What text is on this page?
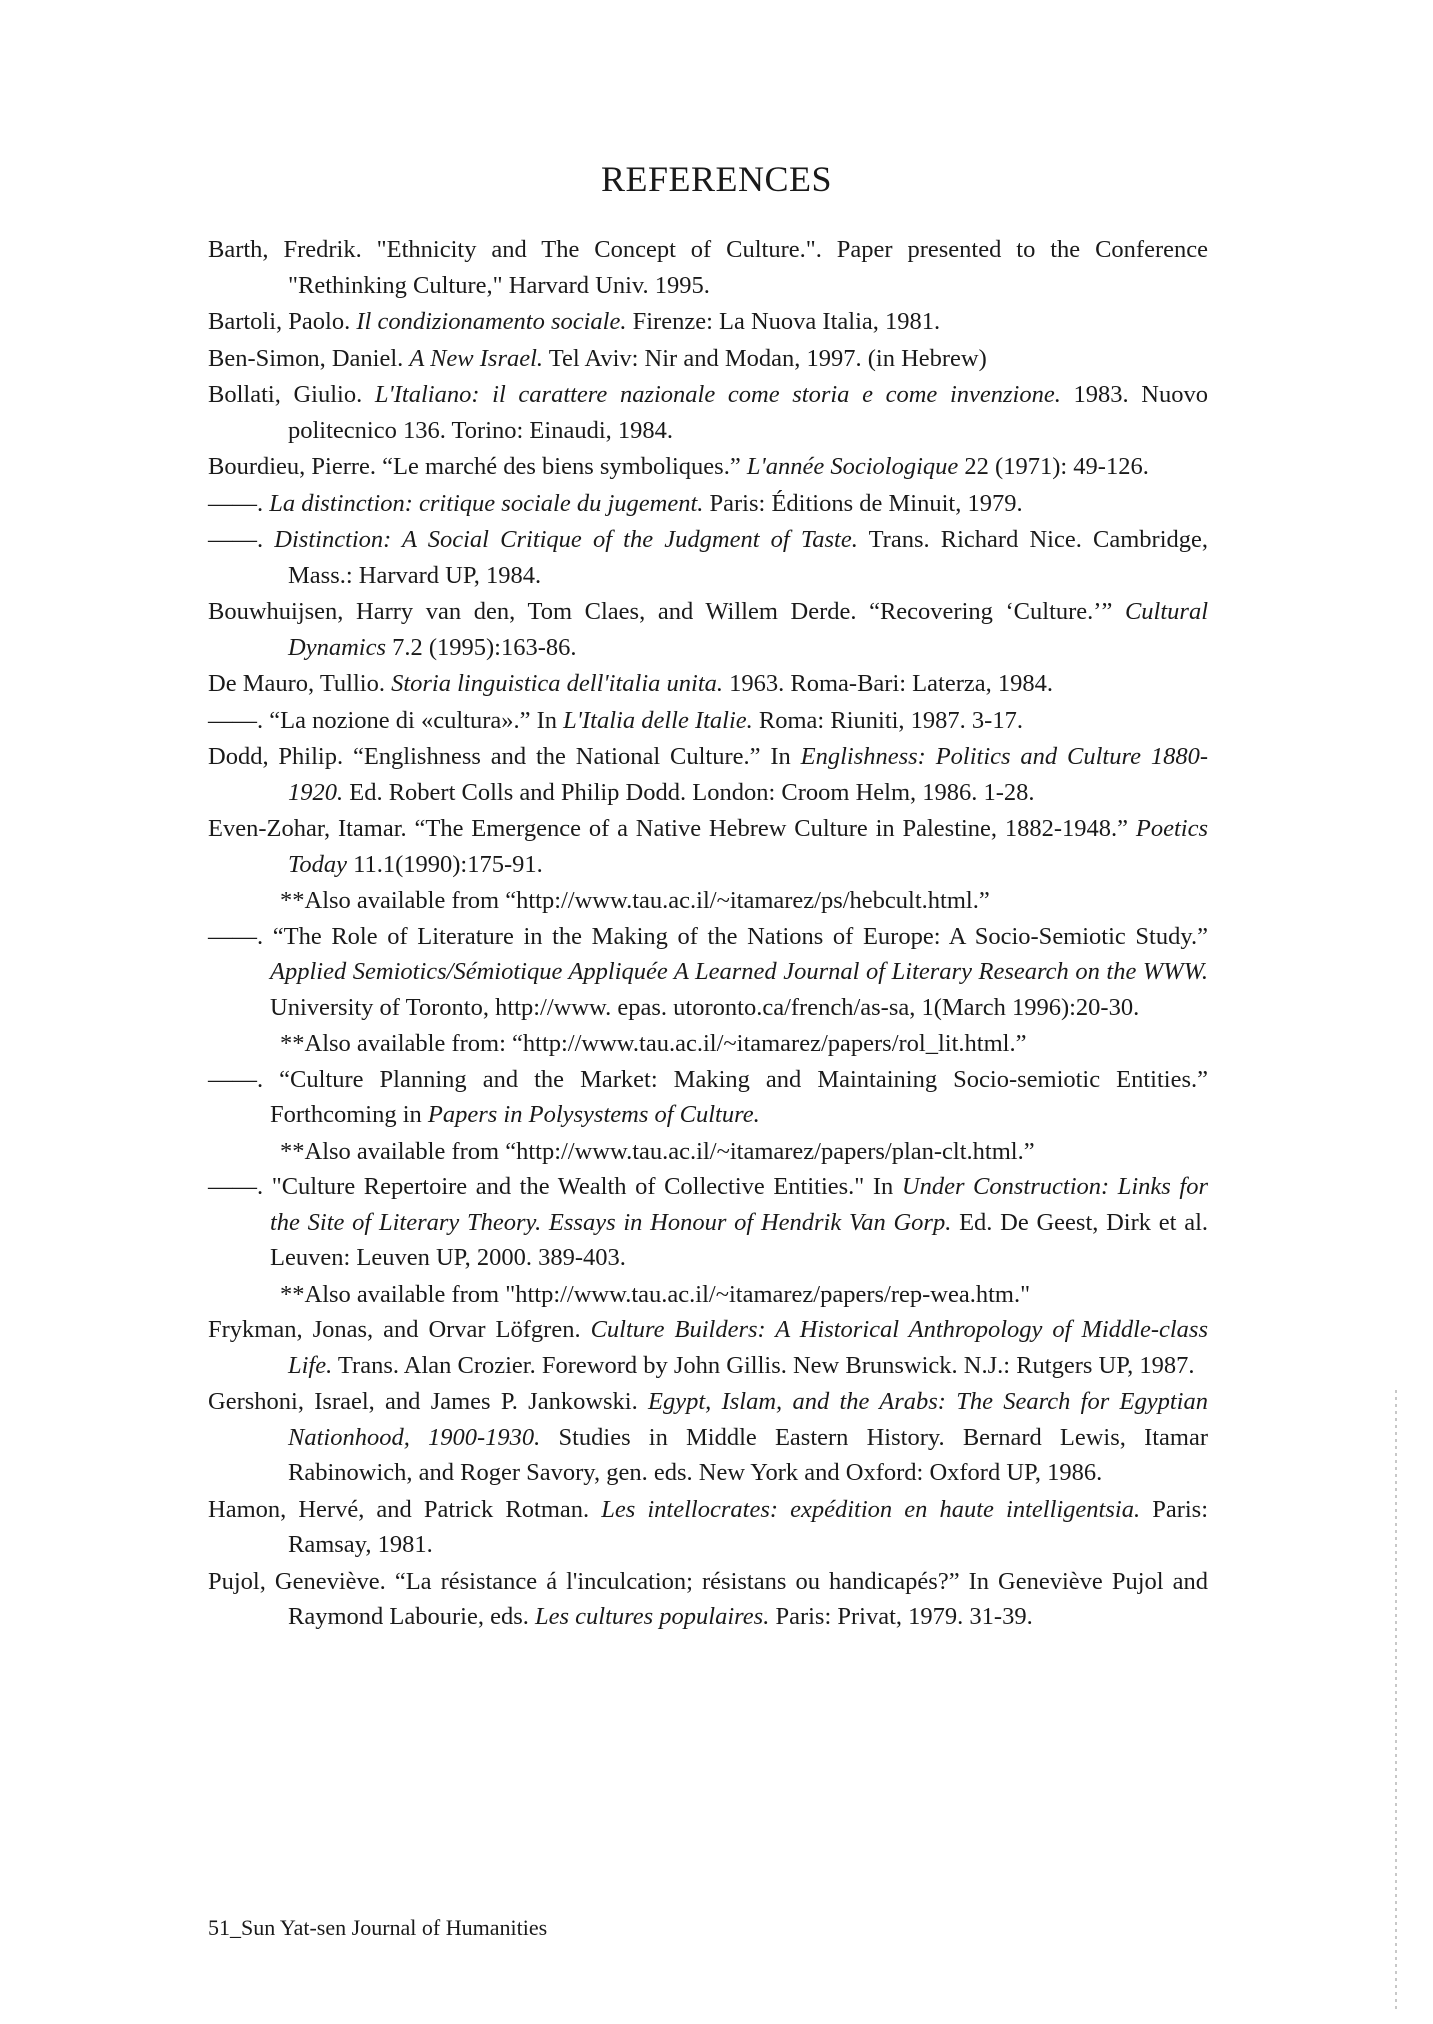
REFERENCES
Barth, Fredrik. "Ethnicity and The Concept of Culture.". Paper presented to the Conference "Rethinking Culture," Harvard Univ. 1995.
Bartoli, Paolo. Il condizionamento sociale. Firenze: La Nuova Italia, 1981.
Ben-Simon, Daniel. A New Israel. Tel Aviv: Nir and Modan, 1997. (in Hebrew)
Bollati, Giulio. L'Italiano: il carattere nazionale come storia e come invenzione. 1983. Nuovo politecnico 136. Torino: Einaudi, 1984.
Bourdieu, Pierre. “Le marché des biens symboliques.” L'année Sociologique 22 (1971): 49-126.
——. La distinction: critique sociale du jugement. Paris: Éditions de Minuit, 1979.
——. Distinction: A Social Critique of the Judgment of Taste. Trans. Richard Nice. Cambridge, Mass.: Harvard UP, 1984.
Bouwhuijsen, Harry van den, Tom Claes, and Willem Derde. “Recovering ‘Culture.’” Cultural Dynamics 7.2 (1995):163-86.
De Mauro, Tullio. Storia linguistica dell'italia unita. 1963. Roma-Bari: Laterza, 1984.
——. “La nozione di «cultura».” In L'Italia delle Italie. Roma: Riuniti, 1987. 3-17.
Dodd, Philip. “Englishness and the National Culture.” In Englishness: Politics and Culture 1880-1920. Ed. Robert Colls and Philip Dodd. London: Croom Helm, 1986. 1-28.
Even-Zohar, Itamar. “The Emergence of a Native Hebrew Culture in Palestine, 1882-1948.” Poetics Today 11.1(1990):175-91.
**Also available from “http://www.tau.ac.il/~itamarez/ps/hebcult.html.”
——. “The Role of Literature in the Making of the Nations of Europe: A Socio-Semiotic Study.” Applied Semiotics/Sémiotique Appliquée A Learned Journal of Literary Research on the WWW. University of Toronto, http://www. epas. utoronto.ca/french/as-sa, 1(March 1996):20-30.
**Also available from: “http://www.tau.ac.il/~itamarez/papers/rol_lit.html.”
——. “Culture Planning and the Market: Making and Maintaining Socio-semiotic Entities.” Forthcoming in Papers in Polysystems of Culture.
**Also available from “http://www.tau.ac.il/~itamarez/papers/plan-clt.html.”
——. "Culture Repertoire and the Wealth of Collective Entities." In Under Construction: Links for the Site of Literary Theory. Essays in Honour of Hendrik Van Gorp. Ed. De Geest, Dirk et al. Leuven: Leuven UP, 2000. 389-403.
**Also available from "http://www.tau.ac.il/~itamarez/papers/rep-wea.htm."
Frykman, Jonas, and Orvar Löfgren. Culture Builders: A Historical Anthropology of Middle-class Life. Trans. Alan Crozier. Foreword by John Gillis. New Brunswick. N.J.: Rutgers UP, 1987.
Gershoni, Israel, and James P. Jankowski. Egypt, Islam, and the Arabs: The Search for Egyptian Nationhood, 1900-1930. Studies in Middle Eastern History. Bernard Lewis, Itamar Rabinowich, and Roger Savory, gen. eds. New York and Oxford: Oxford UP, 1986.
Hamon, Hervé, and Patrick Rotman. Les intellocrates: expédition en haute intelligentsia. Paris: Ramsay, 1981.
Pujol, Geneviève. “La résistance á l'inculcation; résistans ou handicapés?” In Geneviève Pujol and Raymond Labourie, eds. Les cultures populaires. Paris: Privat, 1979. 31-39.
51_Sun Yat-sen Journal of Humanities
